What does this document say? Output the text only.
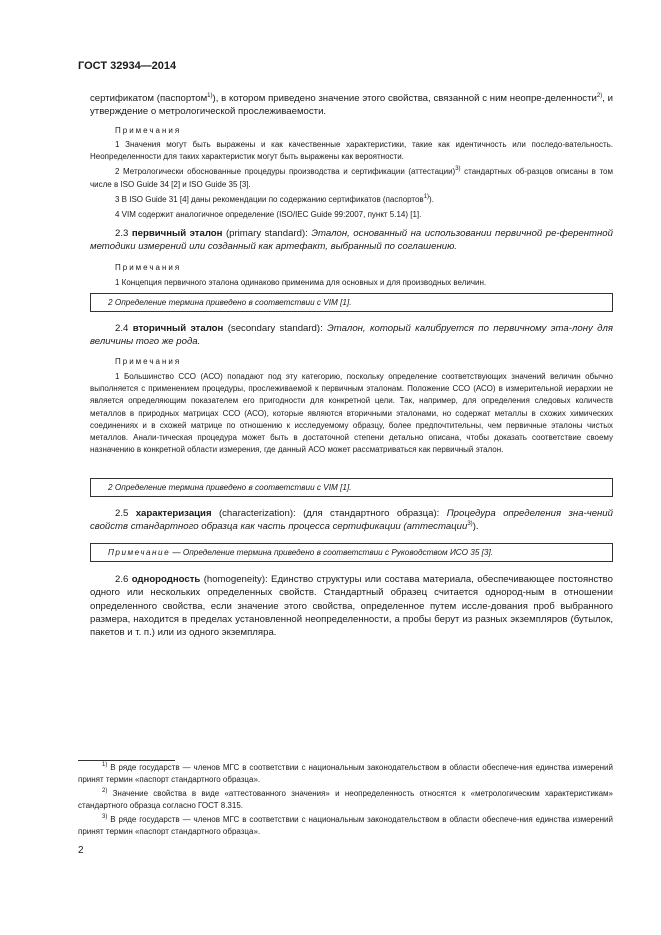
ГОСТ 32934—2014

сертификатом (паспортом$^{1)}$), в котором приведено значение этого свойства, связанной с ним неопре-деленности$^{2)}$, и утверждение о метрологической прослеживаемости.

Примечания

1 Значения могут быть выражены и как качественные характеристики, такие как идентичность или последо-вательность. Неопределенности для таких характеристик могут быть выражены как вероятности.

2 Метрологически обоснованные процедуры производства и сертификации (аттестации)$^{3)}$ стандартных об-разцов описаны в том числе в ISO Guide 34 [2] и ISO Guide 35 [3].

3 В ISO Guide 31 [4] даны рекомендации по содержанию сертификатов (паспортов$^{1)}$).

4 VIM содержит аналогичное определение (ISO/IEC Guide 99:2007, пункт 5.14) [1].

2.3 первичный эталон (primary standard): Эталон, основанный на использовании первичной ре-ферентной методики измерений или созданный как артефакт, выбранный по соглашению.

Примечания

1 Концепция первичного эталона одинаково применима для основных и для производных величин.

2 Определение термина приведено в соответствии с VIM [1].

2.4 вторичный эталон (secondary standard): Эталон, который калибруется по первичному эта-лону для величины того же рода.

Примечания

1 Большинство ССО (АСО) попадают под эту категорию, поскольку определение соответствующих значений величин обычно выполняется с применением процедуры, прослеживаемой к первичным эталонам. Положение ССО (АСО) в измерительной иерархии не является определяющим показателем его пригодности для конкретной цели. Так, например, для определения следовых количеств металлов в природных матрицах ССО (АСО), которые являются вторичными эталонами, но содержат металлы в схожих химических соединениях и в схожей матрице по отношению к исследуемому образцу, более предпочтительны, чем первичные эталоны чистых металлов. Анали-тическая процедура может быть в достаточной степени детально описана, чтобы доказать соответствие своему назначению в конкретной области измерения, где данный АСО может рассматриваться как первичный эталон.

2 Определение термина приведено в соответствии с VIM [1].

2.5 характеризация (characterization): (для стандартного образца): Процедура определения зна-чений свойств стандартного образца как часть процесса сертификации (аттестации$^{3)}$).

Примечание — Определение термина приведено в соответствии с Руководством ИСО 35 [3].

2.6 однородность (homogeneity): Единство структуры или состава материала, обеспечивающее постоянство одного или нескольких определенных свойств. Стандартный образец считается однород-ным в отношении определенного свойства, если значение этого свойства, определенное путем иссле-дования проб выбранного размера, находится в пределах установленной неопределенности, а пробы берут из разных экземпляров (бутылок, пакетов и т. п.) или из одного экземпляра.

$^{1)}$ В ряде государств — членов МГС в соответствии с национальным законодательством в области обеспече-ния единства измерений принят термин «паспорт стандартного образца».

$^{2)}$ Значение свойства в виде «аттестованного значения» и неопределенность относятся к «метрологическим характеристикам» стандартного образца согласно ГОСТ 8.315.

$^{3)}$ В ряде государств — членов МГС в соответствии с национальным законодательством в области обеспече-ния единства измерений принят термин «паспорт стандартного образца».

2
